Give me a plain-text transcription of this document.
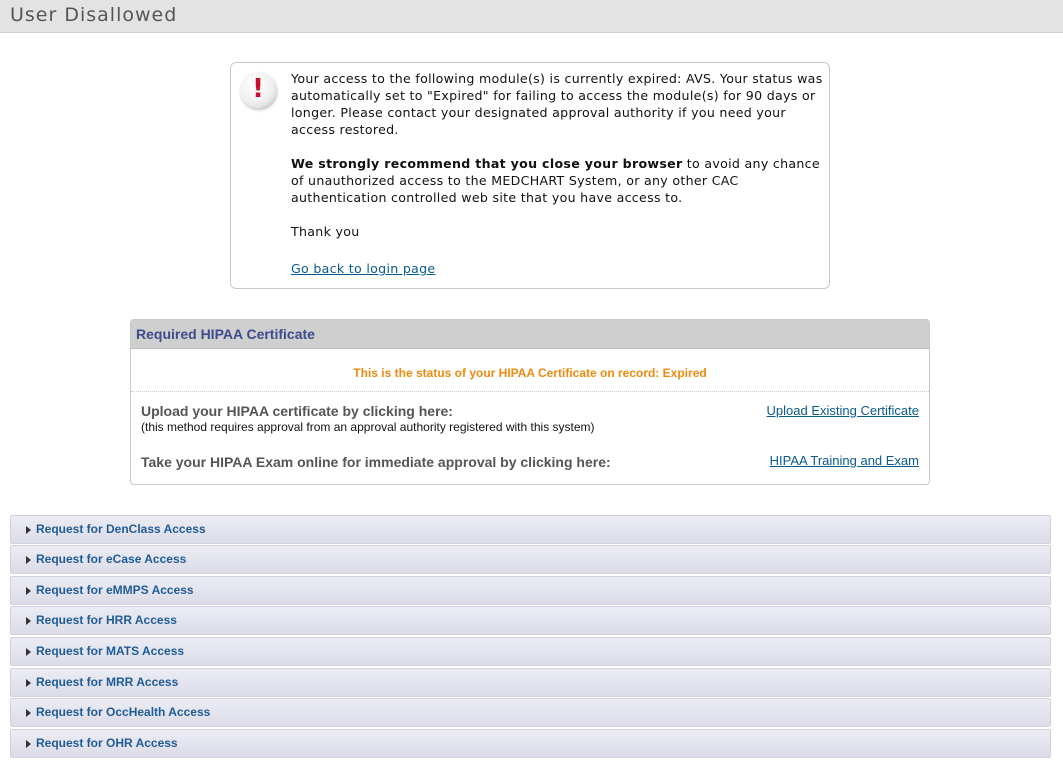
User Disallowed
!	Your access to the following module(s) is currently expired: AVS. Your status was automatically set to "Expired" for failing to access the module(s) for 90 days or longer. Please contact your designated approval authority if you need your access restored.

We strongly recommend that you close your browser to avoid any chance of unauthorized access to the MEDCHART System, or any other CAC authentication controlled web site that you have access to.

Thank you

Go back to login page
Required HIPAA Certificate
$_{This is the status of your HIPAA Certificate on record: Expired}$
Upload your HIPAA certificate by clicking here:
(this method requires approval from an approval authority registered with this system)
Upload Existing Certificate
Take your HIPAA Exam online for immediate approval by clicking here:	HIPAA Training and Exam
Request for DenClass Access
Request for eCase Access
Request for eMMPS Access
Request for HRR Access
Request for MATS Access
Request for MRR Access
Request for OccHealth Access
Request for OHR Access
